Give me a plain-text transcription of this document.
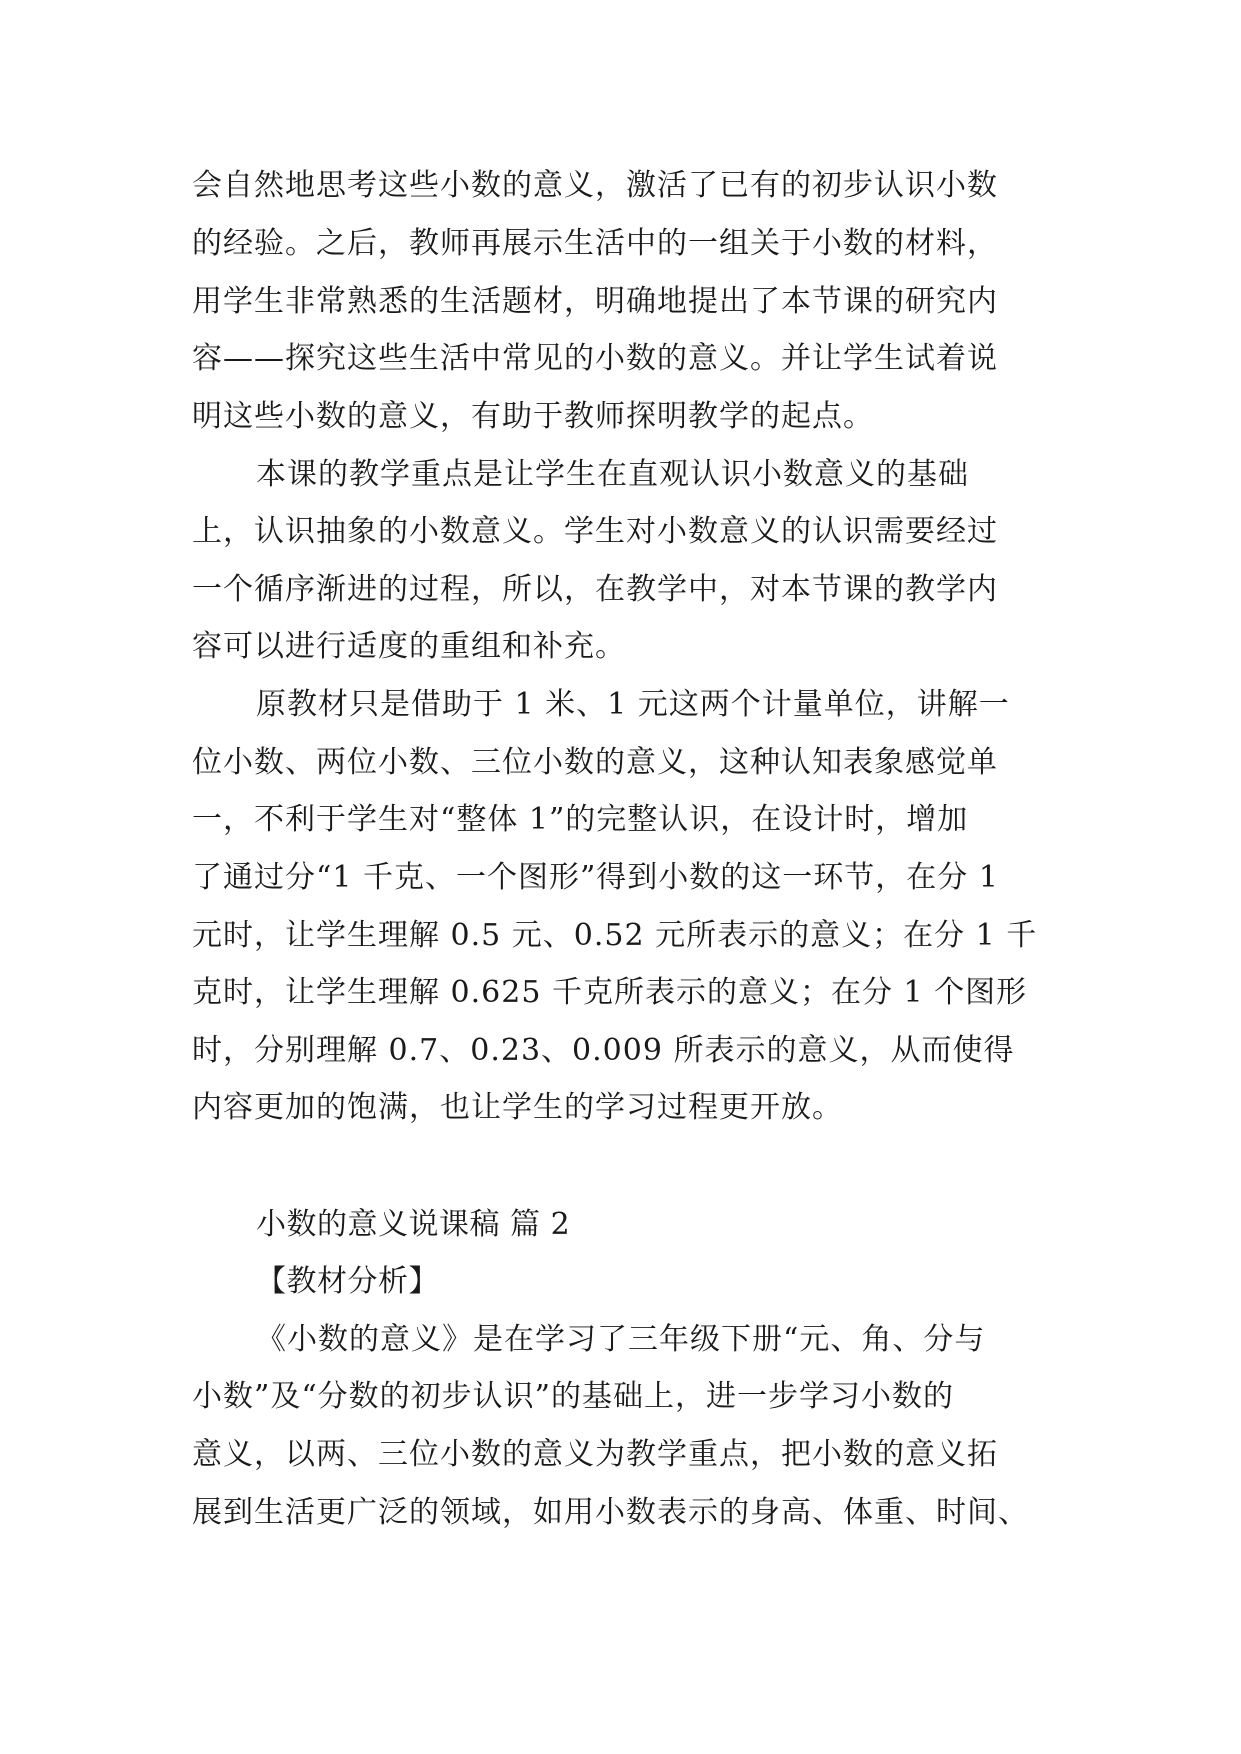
会自然地思考这些小数的意义，激活了已有的初步认识小数
的经验。之后，教师再展示生活中的一组关于小数的材料，
用学生非常熟悉的生活题材，明确地提出了本节课的研究内
容——探究这些生活中常见的小数的意义。并让学生试着说
明这些小数的意义，有助于教师探明教学的起点。
本课的教学重点是让学生在直观认识小数意义的基础
上，认识抽象的小数意义。学生对小数意义的认识需要经过
一个循序渐进的过程，所以，在教学中，对本节课的教学内
容可以进行适度的重组和补充。
原教材只是借助于 1 米、1 元这两个计量单位，讲解一
位小数、两位小数、三位小数的意义，这种认知表象感觉单
一，不利于学生对“整体 1”的完整认识，在设计时，增加
了通过分“1 千克、一个图形”得到小数的这一环节，在分 1
元时，让学生理解 0.5 元、0.52 元所表示的意义；在分 1 千
克时，让学生理解 0.625 千克所表示的意义；在分 1 个图形
时，分别理解 0.7、0.23、0.009 所表示的意义，从而使得
内容更加的饱满，也让学生的学习过程更开放。
小数的意义说课稿 篇 2
【教材分析】
《小数的意义》是在学习了三年级下册“元、角、分与
小数”及“分数的初步认识”的基础上，进一步学习小数的
意义，以两、三位小数的意义为教学重点，把小数的意义拓
展到生活更广泛的领域，如用小数表示的身高、体重、时间、
